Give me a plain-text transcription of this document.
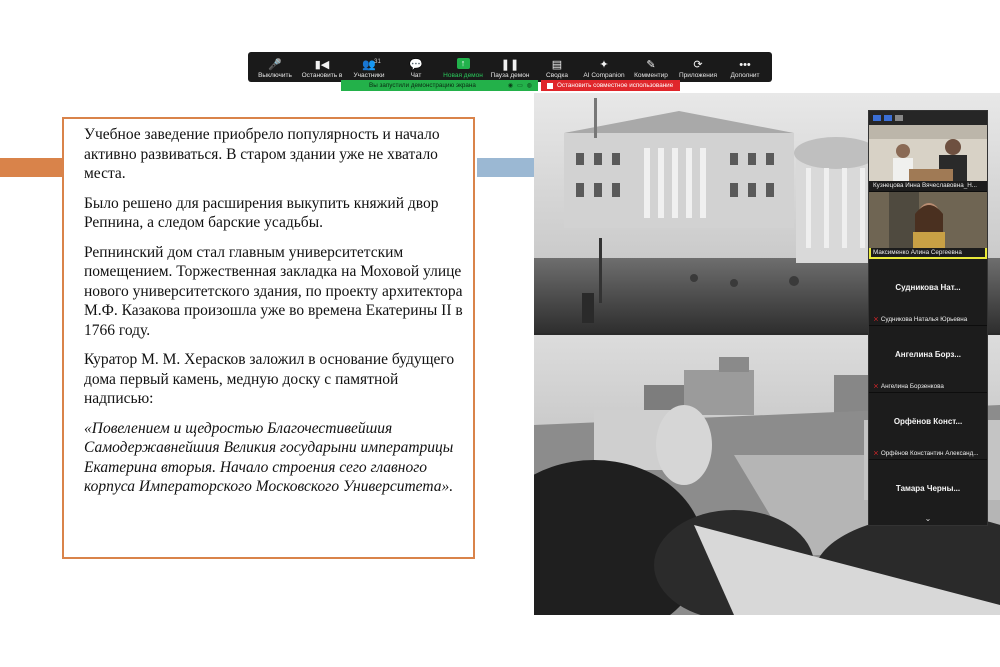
Учебное заведение приобрело популярность и начало активно развиваться. В старом здании уже не хватало места.

Было решено для расширения выкупить княжий двор Репнина, а следом барские усадьбы.

Репнинский дом стал главным университетским помещением. Торжественная закладка на Моховой улице нового университетского здания, по проекту архитектора М.Ф. Казакова произошла уже во времена Екатерины II в 1766 году.

Куратор М. М. Херасков заложил в основание будущего дома первый камень, медную доску с памятной надписью:

«Повелением и щедростью Благочестивейшия Самодержавнейшия Великия государыни императрицы Екатерина вторыя. Начало строения сего главного корпуса Императорского Московского Университета».

🎤
Выключить
▮◀
Остановить в
👥
31
Участники
💬
Чат
↑
Новая демон
❚❚
Пауза демон
▤
Сводка
✦
AI Companion
✎
Комментир
⟳
Приложения
•••
Дополнит
Вы запустили демонстрацию экрана	◉ ▭ ◍	Остановить совместное использование
Кузнецова Инна Вячеславовна_Н...
Максименко Алина Сергеевна
Судникова Нат...
⨯ Судникова Наталья Юрьевна
Ангелина Борз...
⨯ Ангелина Борзенкова
Орфёнов Конст...
⨯ Орфёнов Константин Александ...
Тамара Черны...
⌄
